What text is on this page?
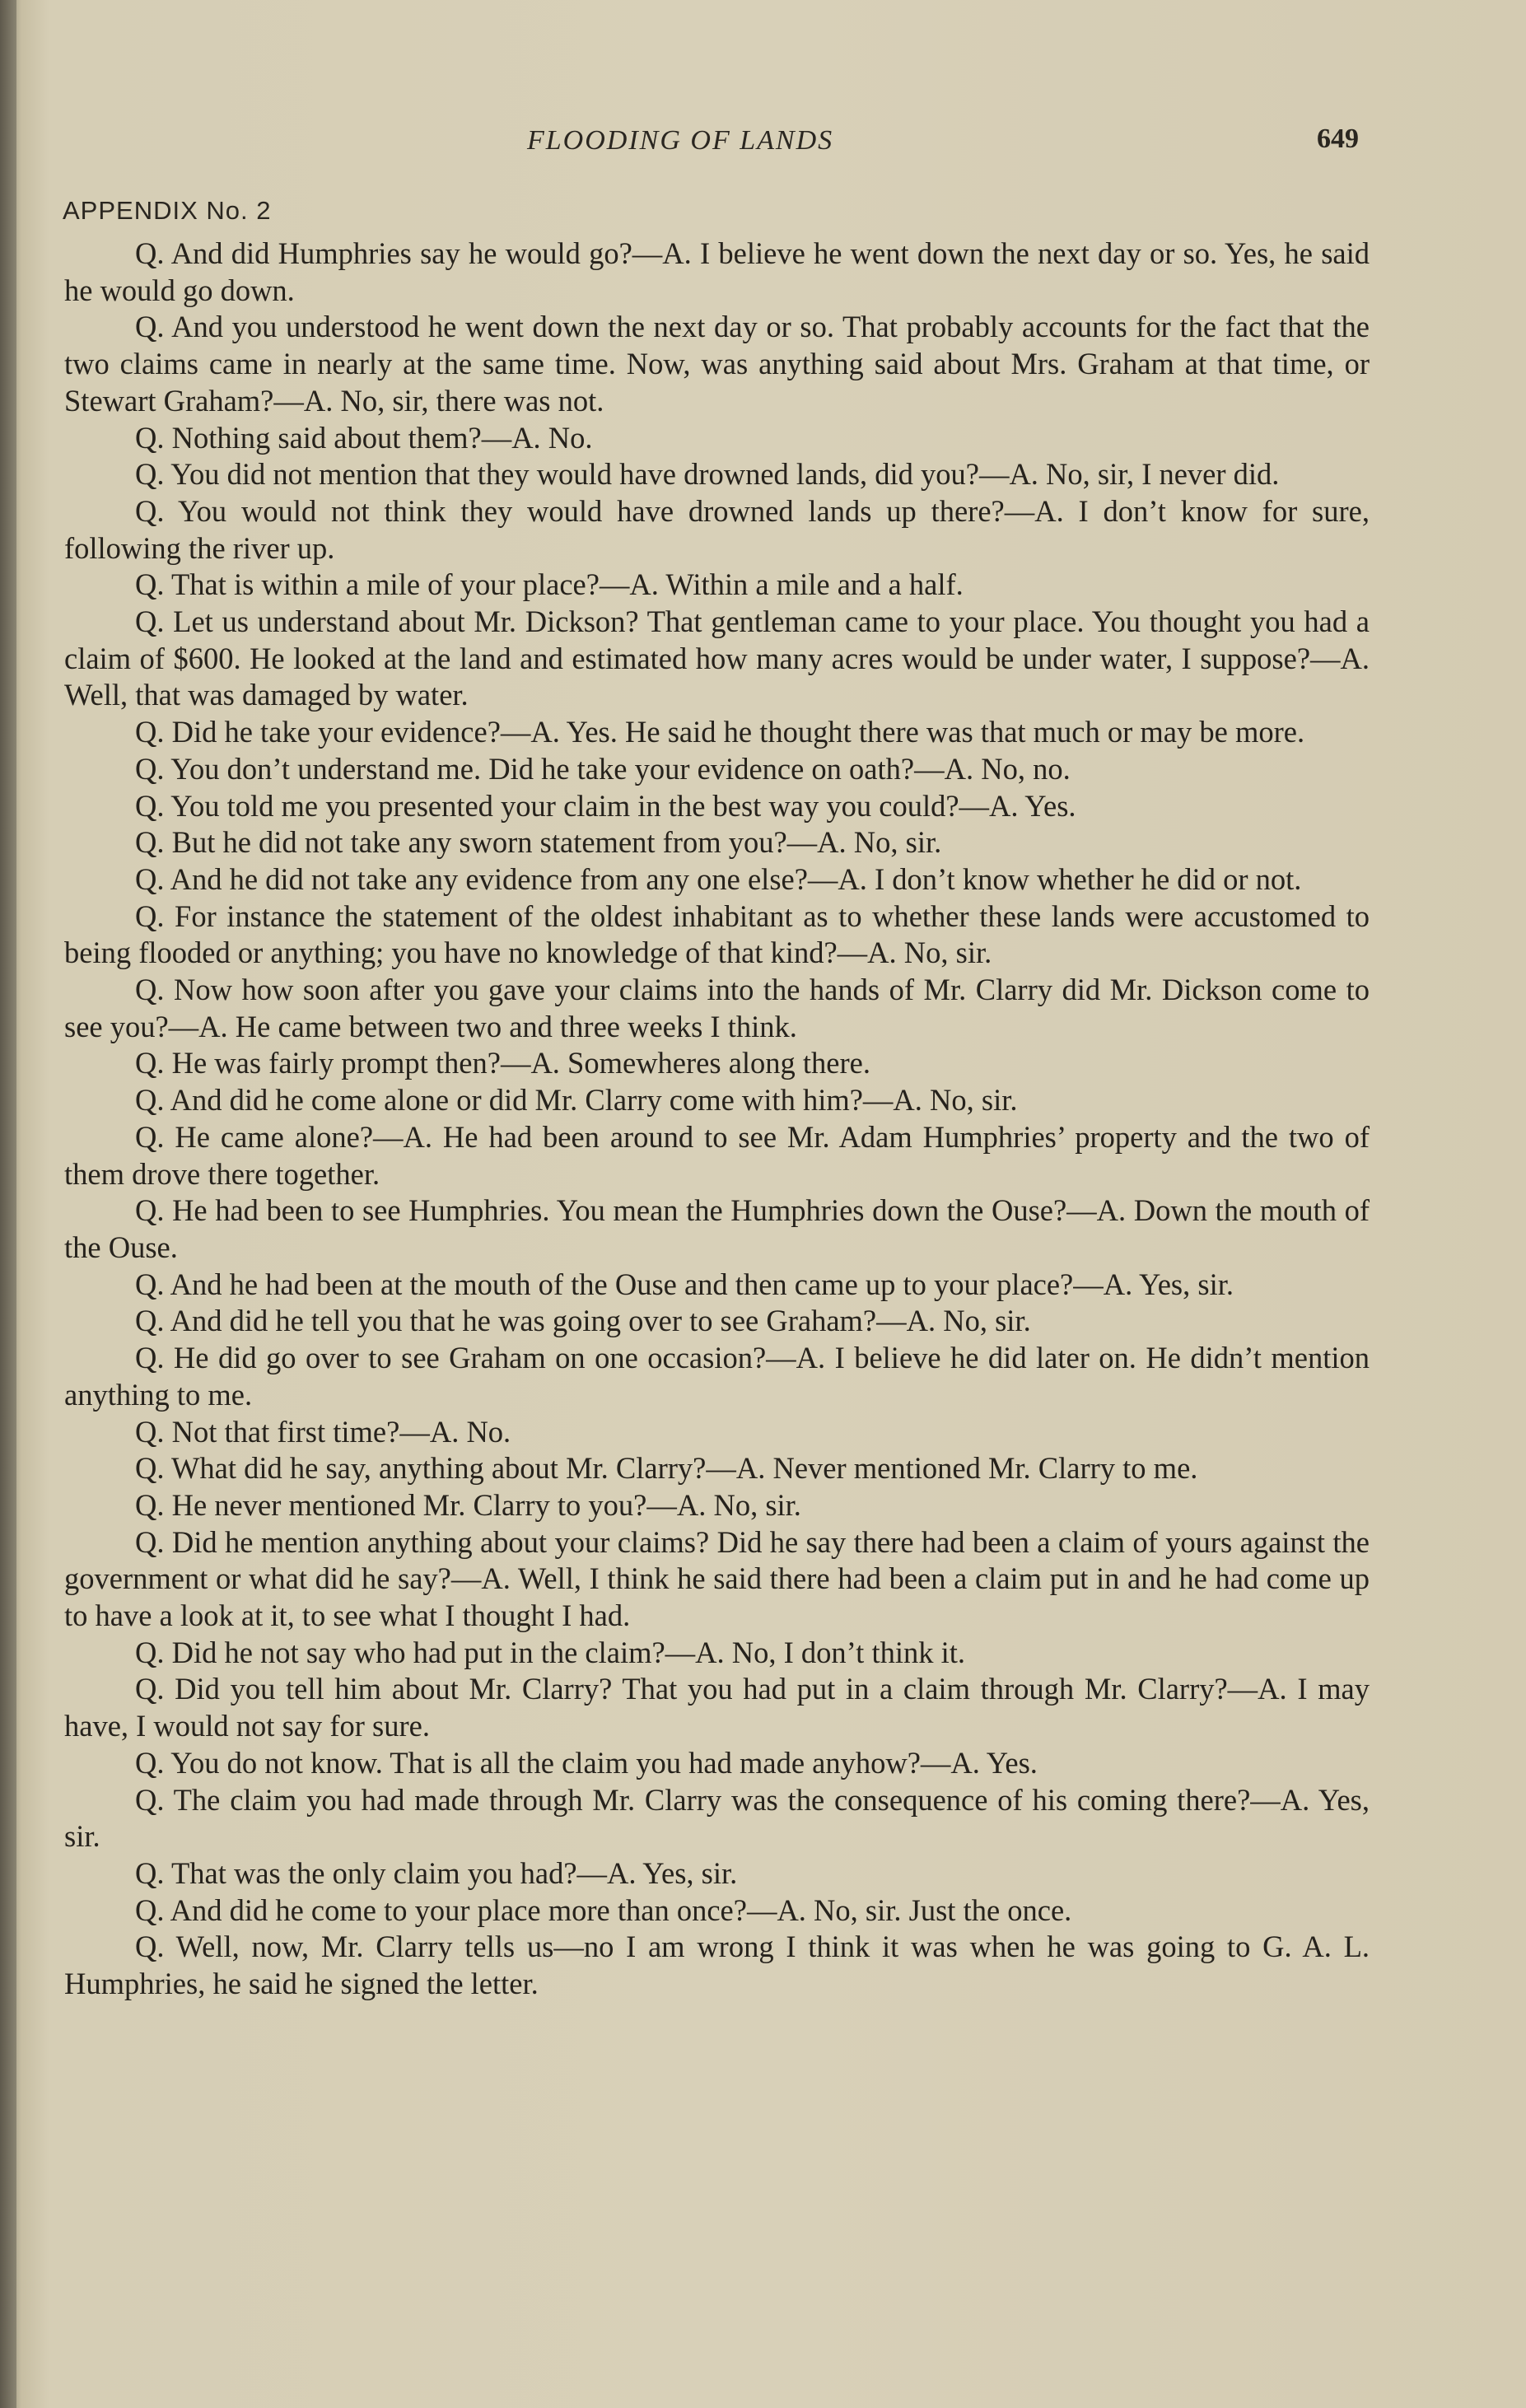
FLOODING OF LANDS	649
APPENDIX No. 2

Q. And did Humphries say he would go?—A. I believe he went down the next day or so. Yes, he said he would go down.

Q. And you understood he went down the next day or so. That probably accounts for the fact that the two claims came in nearly at the same time. Now, was anything said about Mrs. Graham at that time, or Stewart Graham?—A. No, sir, there was not.

Q. Nothing said about them?—A. No.

Q. You did not mention that they would have drowned lands, did you?—A. No, sir, I never did.

Q. You would not think they would have drowned lands up there?—A. I don’t know for sure, following the river up.

Q. That is within a mile of your place?—A. Within a mile and a half.

Q. Let us understand about Mr. Dickson? That gentleman came to your place. You thought you had a claim of $600. He looked at the land and estimated how many acres would be under water, I suppose?—A. Well, that was damaged by water.

Q. Did he take your evidence?—A. Yes. He said he thought there was that much or may be more.

Q. You don’t understand me. Did he take your evidence on oath?—A. No, no.

Q. You told me you presented your claim in the best way you could?—A. Yes.

Q. But he did not take any sworn statement from you?—A. No, sir.

Q. And he did not take any evidence from any one else?—A. I don’t know whether he did or not.

Q. For instance the statement of the oldest inhabitant as to whether these lands were accustomed to being flooded or anything; you have no knowledge of that kind?—A. No, sir.

Q. Now how soon after you gave your claims into the hands of Mr. Clarry did Mr. Dickson come to see you?—A. He came between two and three weeks I think.

Q. He was fairly prompt then?—A. Somewheres along there.

Q. And did he come alone or did Mr. Clarry come with him?—A. No, sir.

Q. He came alone?—A. He had been around to see Mr. Adam Humphries’ property and the two of them drove there together.

Q. He had been to see Humphries. You mean the Humphries down the Ouse?—A. Down the mouth of the Ouse.

Q. And he had been at the mouth of the Ouse and then came up to your place?—A. Yes, sir.

Q. And did he tell you that he was going over to see Graham?—A. No, sir.

Q. He did go over to see Graham on one occasion?—A. I believe he did later on. He didn’t mention anything to me.

Q. Not that first time?—A. No.

Q. What did he say, anything about Mr. Clarry?—A. Never mentioned Mr. Clarry to me.

Q. He never mentioned Mr. Clarry to you?—A. No, sir.

Q. Did he mention anything about your claims? Did he say there had been a claim of yours against the government or what did he say?—A. Well, I think he said there had been a claim put in and he had come up to have a look at it, to see what I thought I had.

Q. Did he not say who had put in the claim?—A. No, I don’t think it.

Q. Did you tell him about Mr. Clarry? That you had put in a claim through Mr. Clarry?—A. I may have, I would not say for sure.

Q. You do not know. That is all the claim you had made anyhow?—A. Yes.

Q. The claim you had made through Mr. Clarry was the consequence of his coming there?—A. Yes, sir.

Q. That was the only claim you had?—A. Yes, sir.

Q. And did he come to your place more than once?—A. No, sir. Just the once.

Q. Well, now, Mr. Clarry tells us—no I am wrong I think it was when he was going to G. A. L. Humphries, he said he signed the letter.
